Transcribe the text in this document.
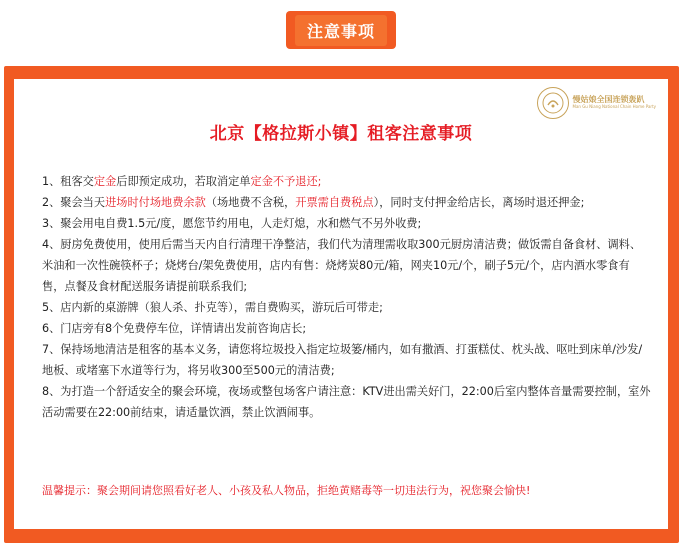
注意事项
慢姑娘全国连锁轰趴
Man Gu Niang National Chain Home Party
北京【格拉斯小镇】租客注意事项

1、租客交定金后即预定成功，若取消定单定金不予退还;

2、聚会当天进场时付场地费余款（场地费不含税，开票需自费税点），同时支付押金给店长，离场时退还押金;

3、聚会用电自费1.5元/度，愿您节约用电，人走灯熄，水和燃气不另外收费;

4、厨房免费使用，使用后需当天内自行清理干净整洁，我们代为清理需收取300元厨房清洁费；做饭需自备食材、调料、米油和一次性碗筷杯子；烧烤台/架免费使用，店内有售：烧烤炭80元/箱，网夹10元/个，刷子5元/个，店内酒水零食有售，点餐及食材配送服务请提前联系我们;

5、店内新的桌游牌（狼人杀、扑克等），需自费购买，游玩后可带走;

6、门店旁有8个免费停车位，详情请出发前咨询店长;

7、保持场地清洁是租客的基本义务，请您将垃圾投入指定垃圾篓/桶内，如有撒酒、打蛋糕仗、枕头战、呕吐到床单/沙发/地板、或堵塞下水道等行为，将另收300至500元的清洁费;

8、为打造一个舒适安全的聚会环境，夜场或整包场客户请注意：KTV进出需关好门，22:00后室内整体音量需要控制，室外活动需要在22:00前结束，请适量饮酒，禁止饮酒闹事。

温馨提示：聚会期间请您照看好老人、小孩及私人物品，拒绝黄赌毒等一切违法行为，祝您聚会愉快!
